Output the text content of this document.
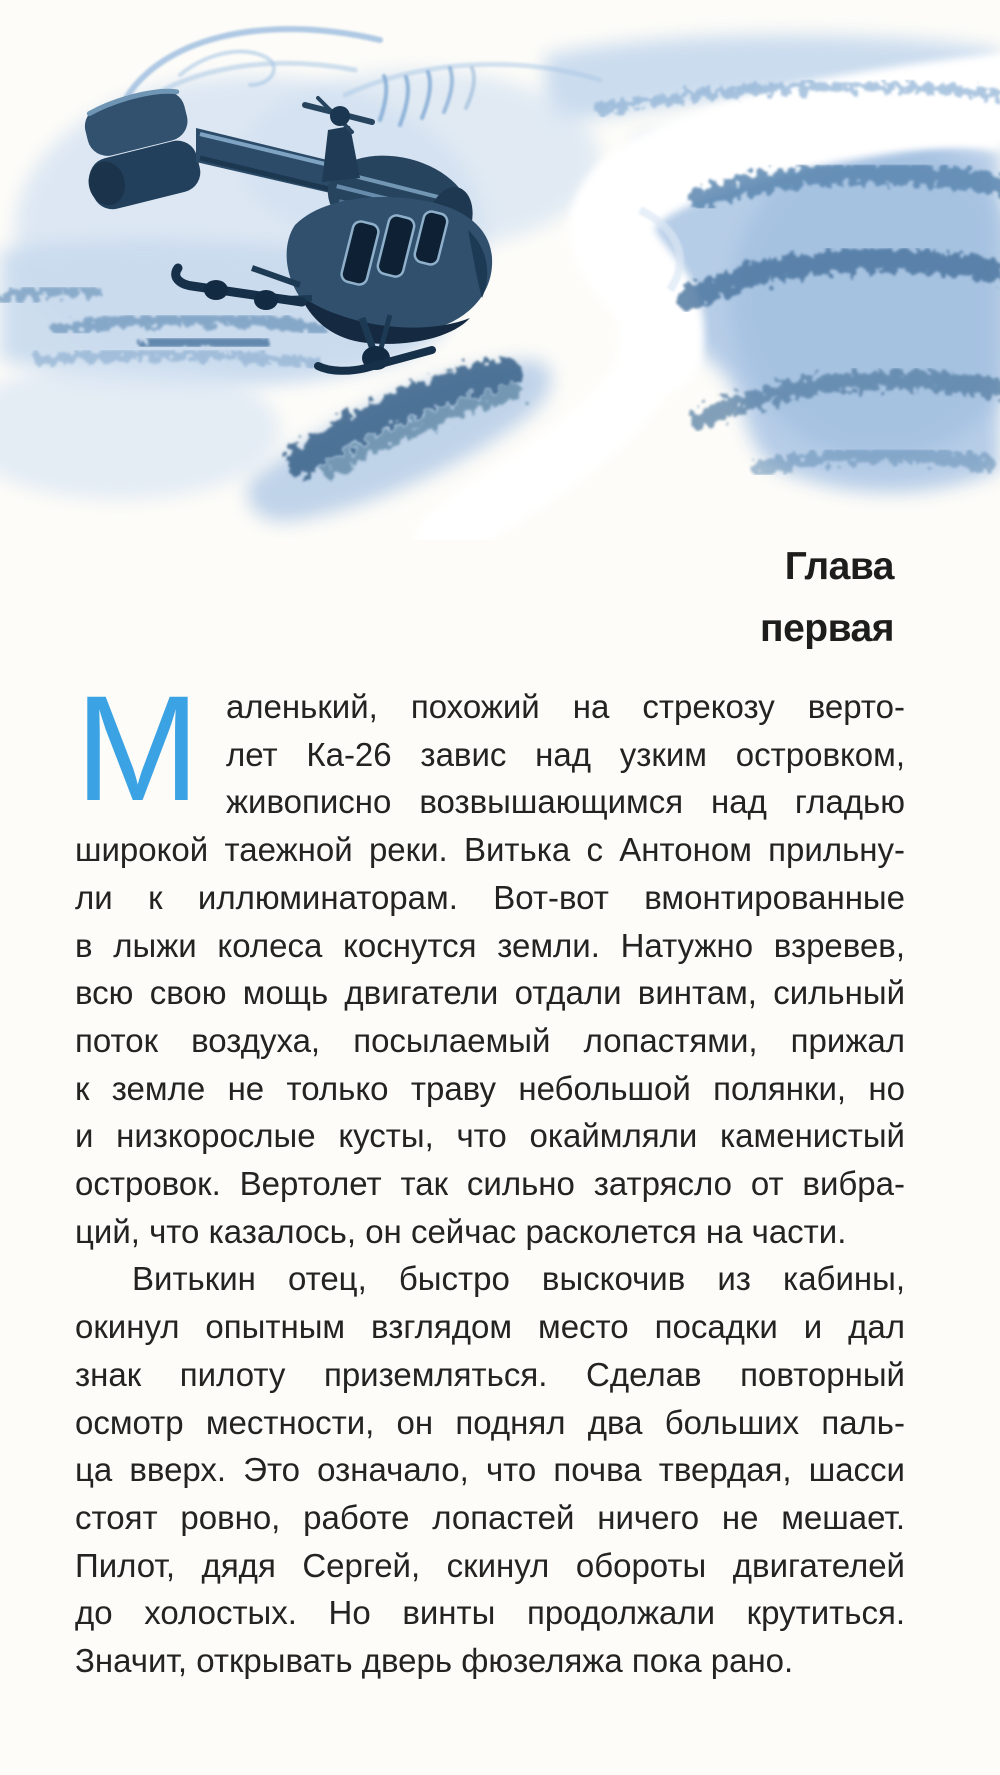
Глава
первая
М аленький, похожий на стрекозу верто-
лет Ка-26 завис над узким островком,
живописно возвышающимся над гладью
широкой таежной реки. Витька с Антоном прильну-
ли к иллюминаторам. Вот-вот вмонтированные
в лыжи колеса коснутся земли. Натужно взревев,
всю свою мощь двигатели отдали винтам, сильный
поток воздуха, посылаемый лопастями, прижал
к земле не только траву небольшой полянки, но
и низкорослые кусты, что окаймляли каменистый
островок. Вертолет так сильно затрясло от вибра-
ций, что казалось, он сейчас расколется на части.
Витькин отец, быстро выскочив из кабины,
окинул опытным взглядом место посадки и дал
знак пилоту приземляться. Сделав повторный
осмотр местности, он поднял два больших паль-
ца вверх. Это означало, что почва твердая, шасси
стоят ровно, работе лопастей ничего не мешает.
Пилот, дядя Сергей, скинул обороты двигателей
до холостых. Но винты продолжали крутиться.
Значит, открывать дверь фюзеляжа пока рано.
